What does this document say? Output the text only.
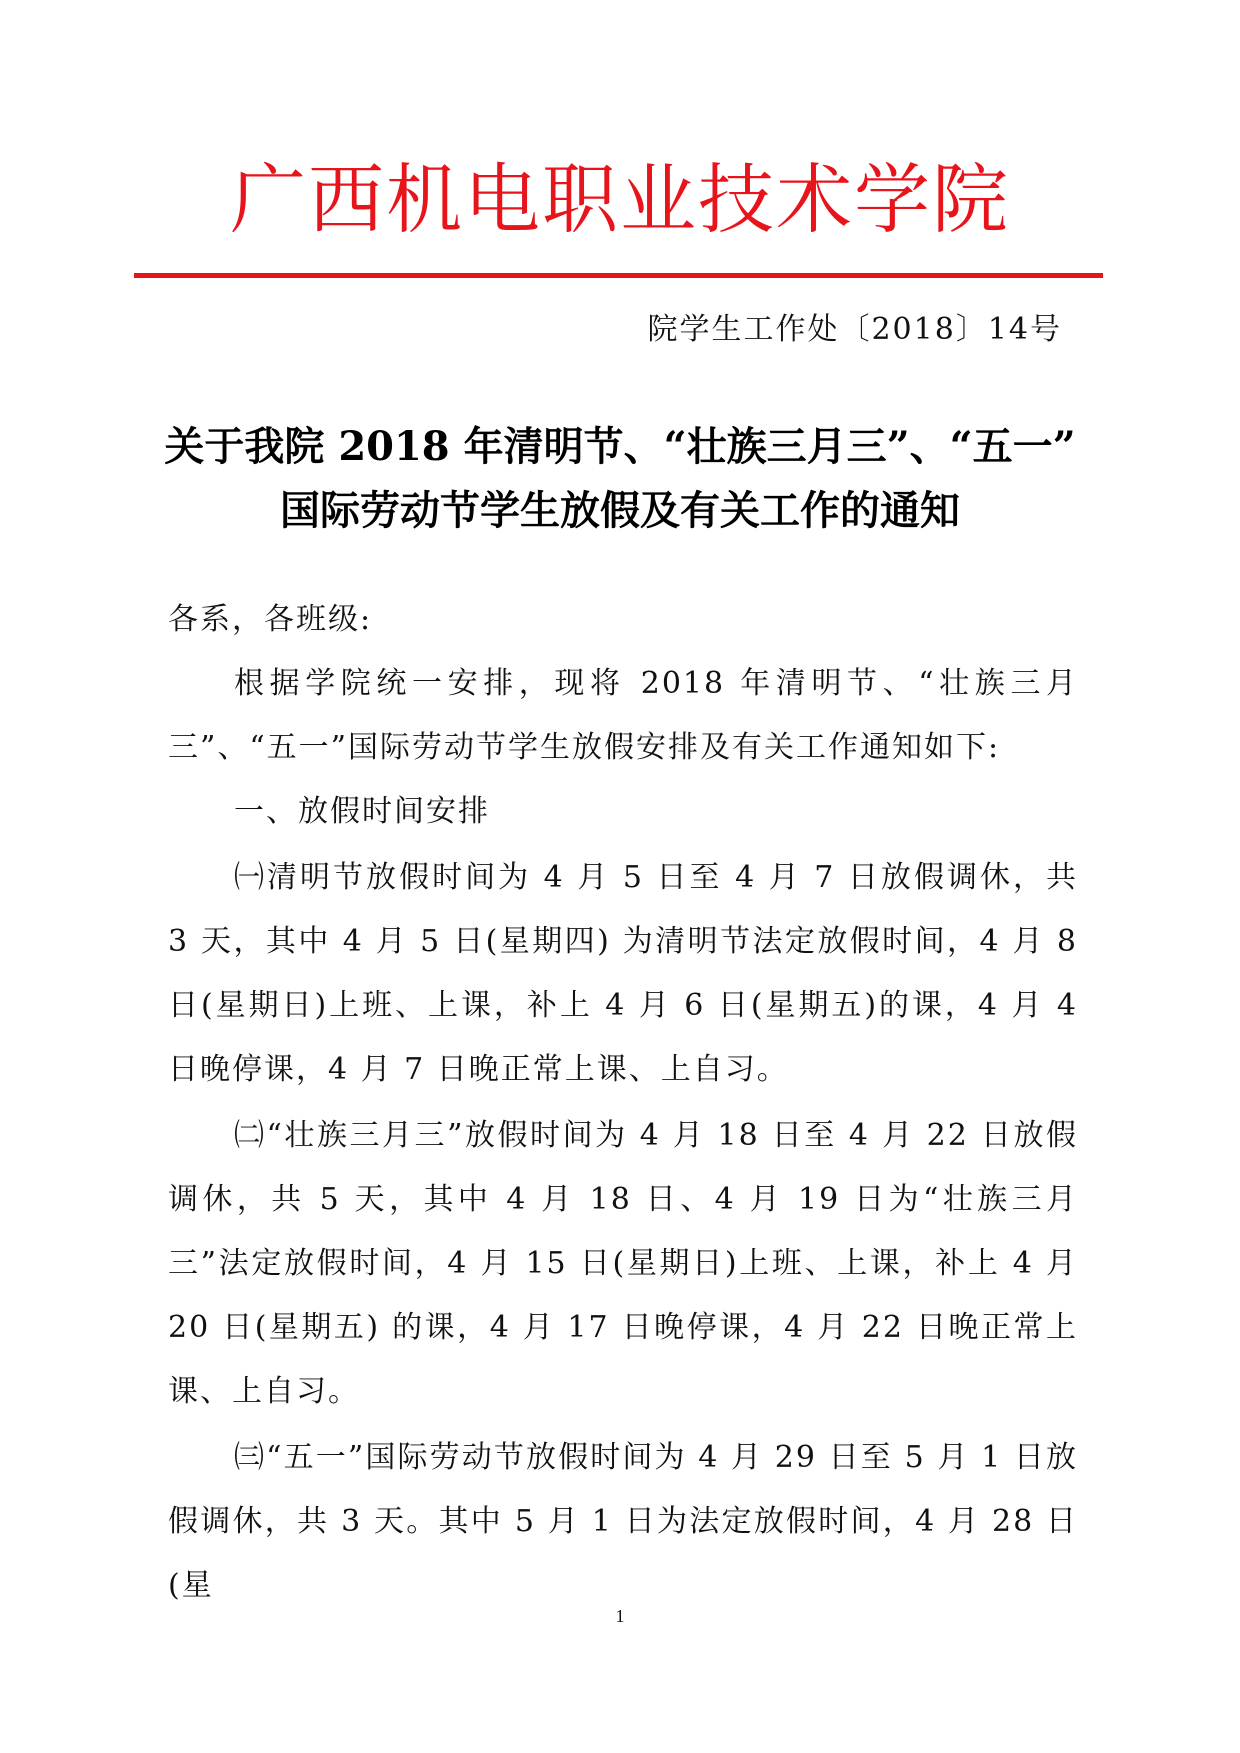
广西机电职业技术学院
院学生工作处〔2018〕14号
关于我院 2018 年清明节、“壮族三月三”、“五一”
国际劳动节学生放假及有关工作的通知

各系，各班级:

根据学院统一安排，现将 2018 年清明节、“壮族三月三”、“五一”国际劳动节学生放假安排及有关工作通知如下:

一、放假时间安排

㈠清明节放假时间为 4 月 5 日至 4 月 7 日放假调休，共 3 天，其中 4 月 5 日(星期四) 为清明节法定放假时间，4 月 8 日(星期日)上班、上课，补上 4 月 6 日(星期五)的课，4 月 4 日晚停课，4 月 7 日晚正常上课、上自习。

㈡“壮族三月三”放假时间为 4 月 18 日至 4 月 22 日放假调休，共 5 天，其中 4 月 18 日、4 月 19 日为“壮族三月三”法定放假时间，4 月 15 日(星期日)上班、上课，补上 4 月 20 日(星期五) 的课，4 月 17 日晚停课，4 月 22 日晚正常上课、上自习。

㈢“五一”国际劳动节放假时间为 4 月 29 日至 5 月 1 日放假调休，共 3 天。其中 5 月 1 日为法定放假时间，4 月 28 日(星

1
